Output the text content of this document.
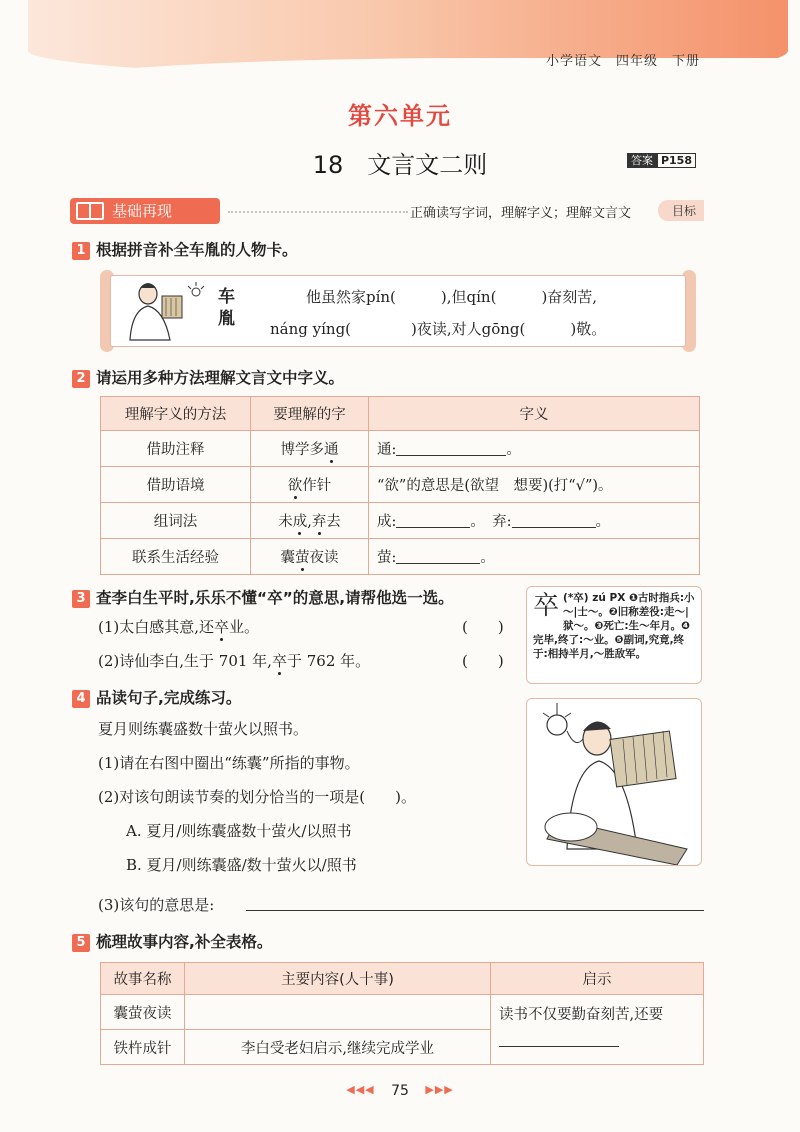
小学语文　四年级　下册
第六单元
18 文言文二则	答案 P158
基础再现	正确读写字词，理解字义；理解文言文	目标
1 根据拼音补全车胤的人物卡。
车胤
他虽然家pín(　　　),但qín(　　　)奋刻苦,
náng yíng(　　　　)夜读,对人gōng(　　　)敬。
2 请运用多种方法理解文言文中字义。
理解字义的方法	要理解的字	字义
借助注释	博学多通	通: 。
借助语境	欲作针	“欲”的意思是(欲望　想要)(打“√”)。
组词法	未成,弃去	成: 。　弃: 。
联系生活经验	囊萤夜读	萤: 。
3 查李白生平时,乐乐不懂“卒”的意思,请帮他选一选。
(1)太白感其意,还卒业。	(　　)
(2)诗仙李白,生于 701 年,卒于 762 年。	(　　)
卒 (*卒) zú PX ❶古时指兵:小～|士～。❷旧称差役:走～|狱～。❸死亡:生～年月。❹完毕,终了:～业。❺副词,究竟,终于:相持半月,～胜敌军。
4 品读句子,完成练习。
夏月则练囊盛数十萤火以照书。
(1)请在右图中圈出“练囊”所指的事物。
(2)对该句朗读节奏的划分恰当的一项是(　　)。
A. 夏月/则练囊盛数十萤火/以照书
B. 夏月/则练囊盛/数十萤火以/照书
(3)该句的意思是:
5 梳理故事内容,补全表格。
故事名称	主要内容(人十事)	启示
囊萤夜读		读书不仅要勤奋刻苦,还要

铁杵成针	李白受老妇启示,继续完成学业	
◀◀◀ 75 ▶▶▶
